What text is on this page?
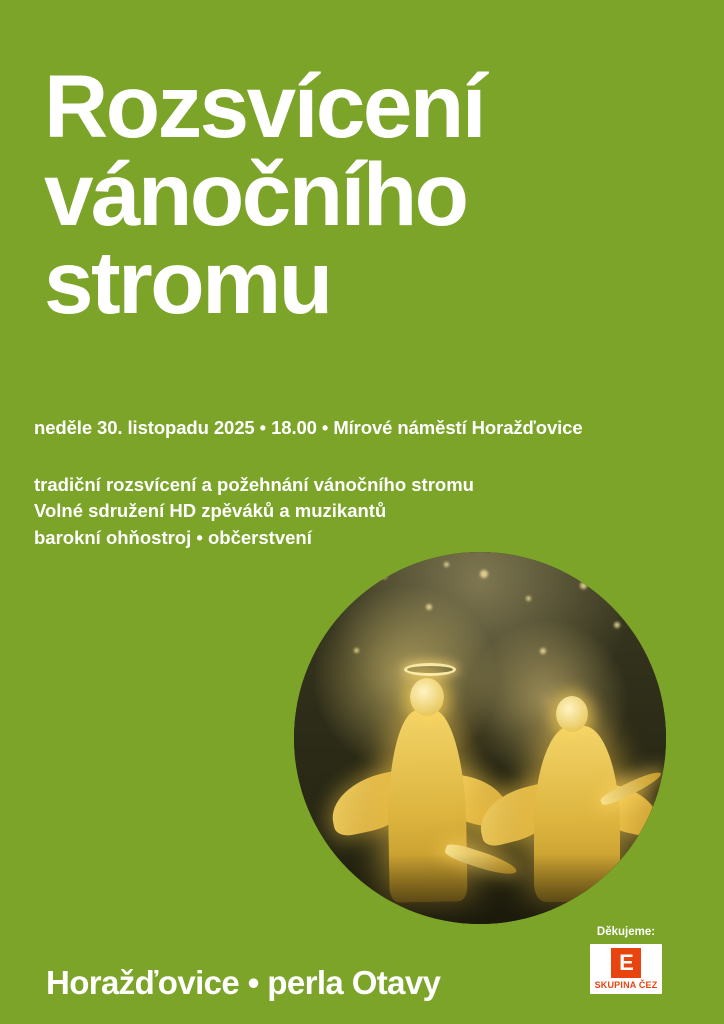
Rozsvícení
vánočního
stromu
neděle 30. listopadu 2025 • 18.00 • Mírové náměstí Horažďovice
tradiční rozsvícení a požehnání vánočního stromu
Volné sdružení HD zpěváků a muzikantů
barokní ohňostroj • občerstvení
Horažďovice • perla Otavy
Děkujeme:
E
SKUPINA ČEZ
